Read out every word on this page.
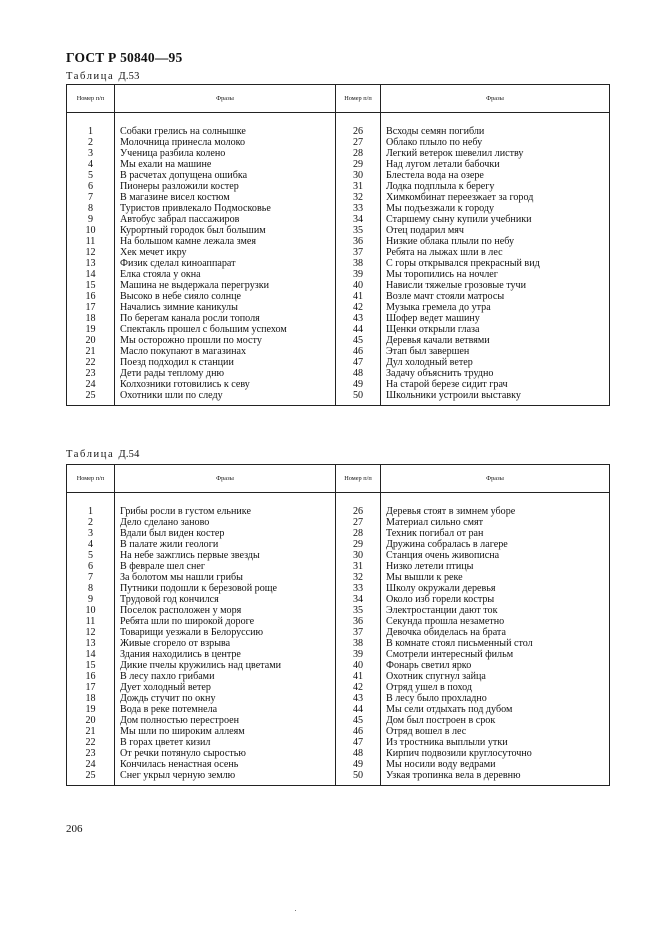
ГОСТ Р 50840—95
Таблица Д.53
Номер п/п	Фразы	Номер п/п	Фразы
1	Собаки грелись на солнышке	26	Всходы семян погибли
2	Молочница принесла молоко	27	Облако плыло по небу
3	Ученица разбила колено	28	Легкий ветерок шевелил листву
4	Мы ехали на машине	29	Над лугом летали бабочки
5	В расчетах допущена ошибка	30	Блестела вода на озере
6	Пионеры разложили костер	31	Лодка подплыла к берегу
7	В магазине висел костюм	32	Химкомбинат переезжает за город
8	Туристов привлекало Подмосковье	33	Мы подъезжали к городу
9	Автобус забрал пассажиров	34	Старшему сыну купили учебники
10	Курортный городок был большим	35	Отец подарил мяч
11	На большом камне лежала змея	36	Низкие облака плыли по небу
12	Хек мечет икру	37	Ребята на лыжах шли в лес
13	Физик сделал киноаппарат	38	С горы открывался прекрасный вид
14	Елка стояла у окна	39	Мы торопились на ночлег
15	Машина не выдержала перегрузки	40	Нависли тяжелые грозовые тучи
16	Высоко в небе сияло солнце	41	Возле мачт стояли матросы
17	Начались зимние каникулы	42	Музыка гремела до утра
18	По берегам канала росли тополя	43	Шофер ведет машину
19	Спектакль прошел с большим успехом	44	Щенки открыли глаза
20	Мы осторожно прошли по мосту	45	Деревья качали ветвями
21	Масло покупают в магазинах	46	Этап был завершен
22	Поезд подходил к станции	47	Дул холодный ветер
23	Дети рады теплому дню	48	Задачу объяснить трудно
24	Колхозники готовились к севу	49	На старой березе сидит грач
25	Охотники шли по следу	50	Школьники устроили выставку
Таблица Д.54
Номер п/п	Фразы	Номер п/п	Фразы
1	Грибы росли в густом ельнике	26	Деревья стоят в зимнем уборе
2	Дело сделано заново	27	Материал сильно смят
3	Вдали был виден костер	28	Техник погибал от ран
4	В палате жили геологи	29	Дружина собралась в лагере
5	На небе зажглись первые звезды	30	Станция очень живописна
6	В феврале шел снег	31	Низко летели птицы
7	За болотом мы нашли грибы	32	Мы вышли к реке
8	Путники подошли к березовой роще	33	Школу окружали деревья
9	Трудовой год кончился	34	Около изб горели костры
10	Поселок расположен у моря	35	Электростанции дают ток
11	Ребята шли по широкой дороге	36	Секунда прошла незаметно
12	Товарищи уезжали в Белоруссию	37	Девочка обиделась на брата
13	Живые сгорело от взрыва	38	В комнате стоял письменный стол
14	Здания находились в центре	39	Смотрели интересный фильм
15	Дикие пчелы кружились над цветами	40	Фонарь светил ярко
16	В лесу пахло грибами	41	Охотник спугнул зайца
17	Дует холодный ветер	42	Отряд ушел в поход
18	Дождь стучит по окну	43	В лесу было прохладно
19	Вода в реке потемнела	44	Мы сели отдыхать под дубом
20	Дом полностью перестроен	45	Дом был построен в срок
21	Мы шли по широким аллеям	46	Отряд вошел в лес
22	В горах цветет кизил	47	Из тростника выплыли утки
23	От речки потянуло сыростью	48	Кирпич подвозили круглосуточно
24	Кончилась ненастная осень	49	Мы носили воду ведрами
25	Снег укрыл черную землю	50	Узкая тропинка вела в деревню
206
